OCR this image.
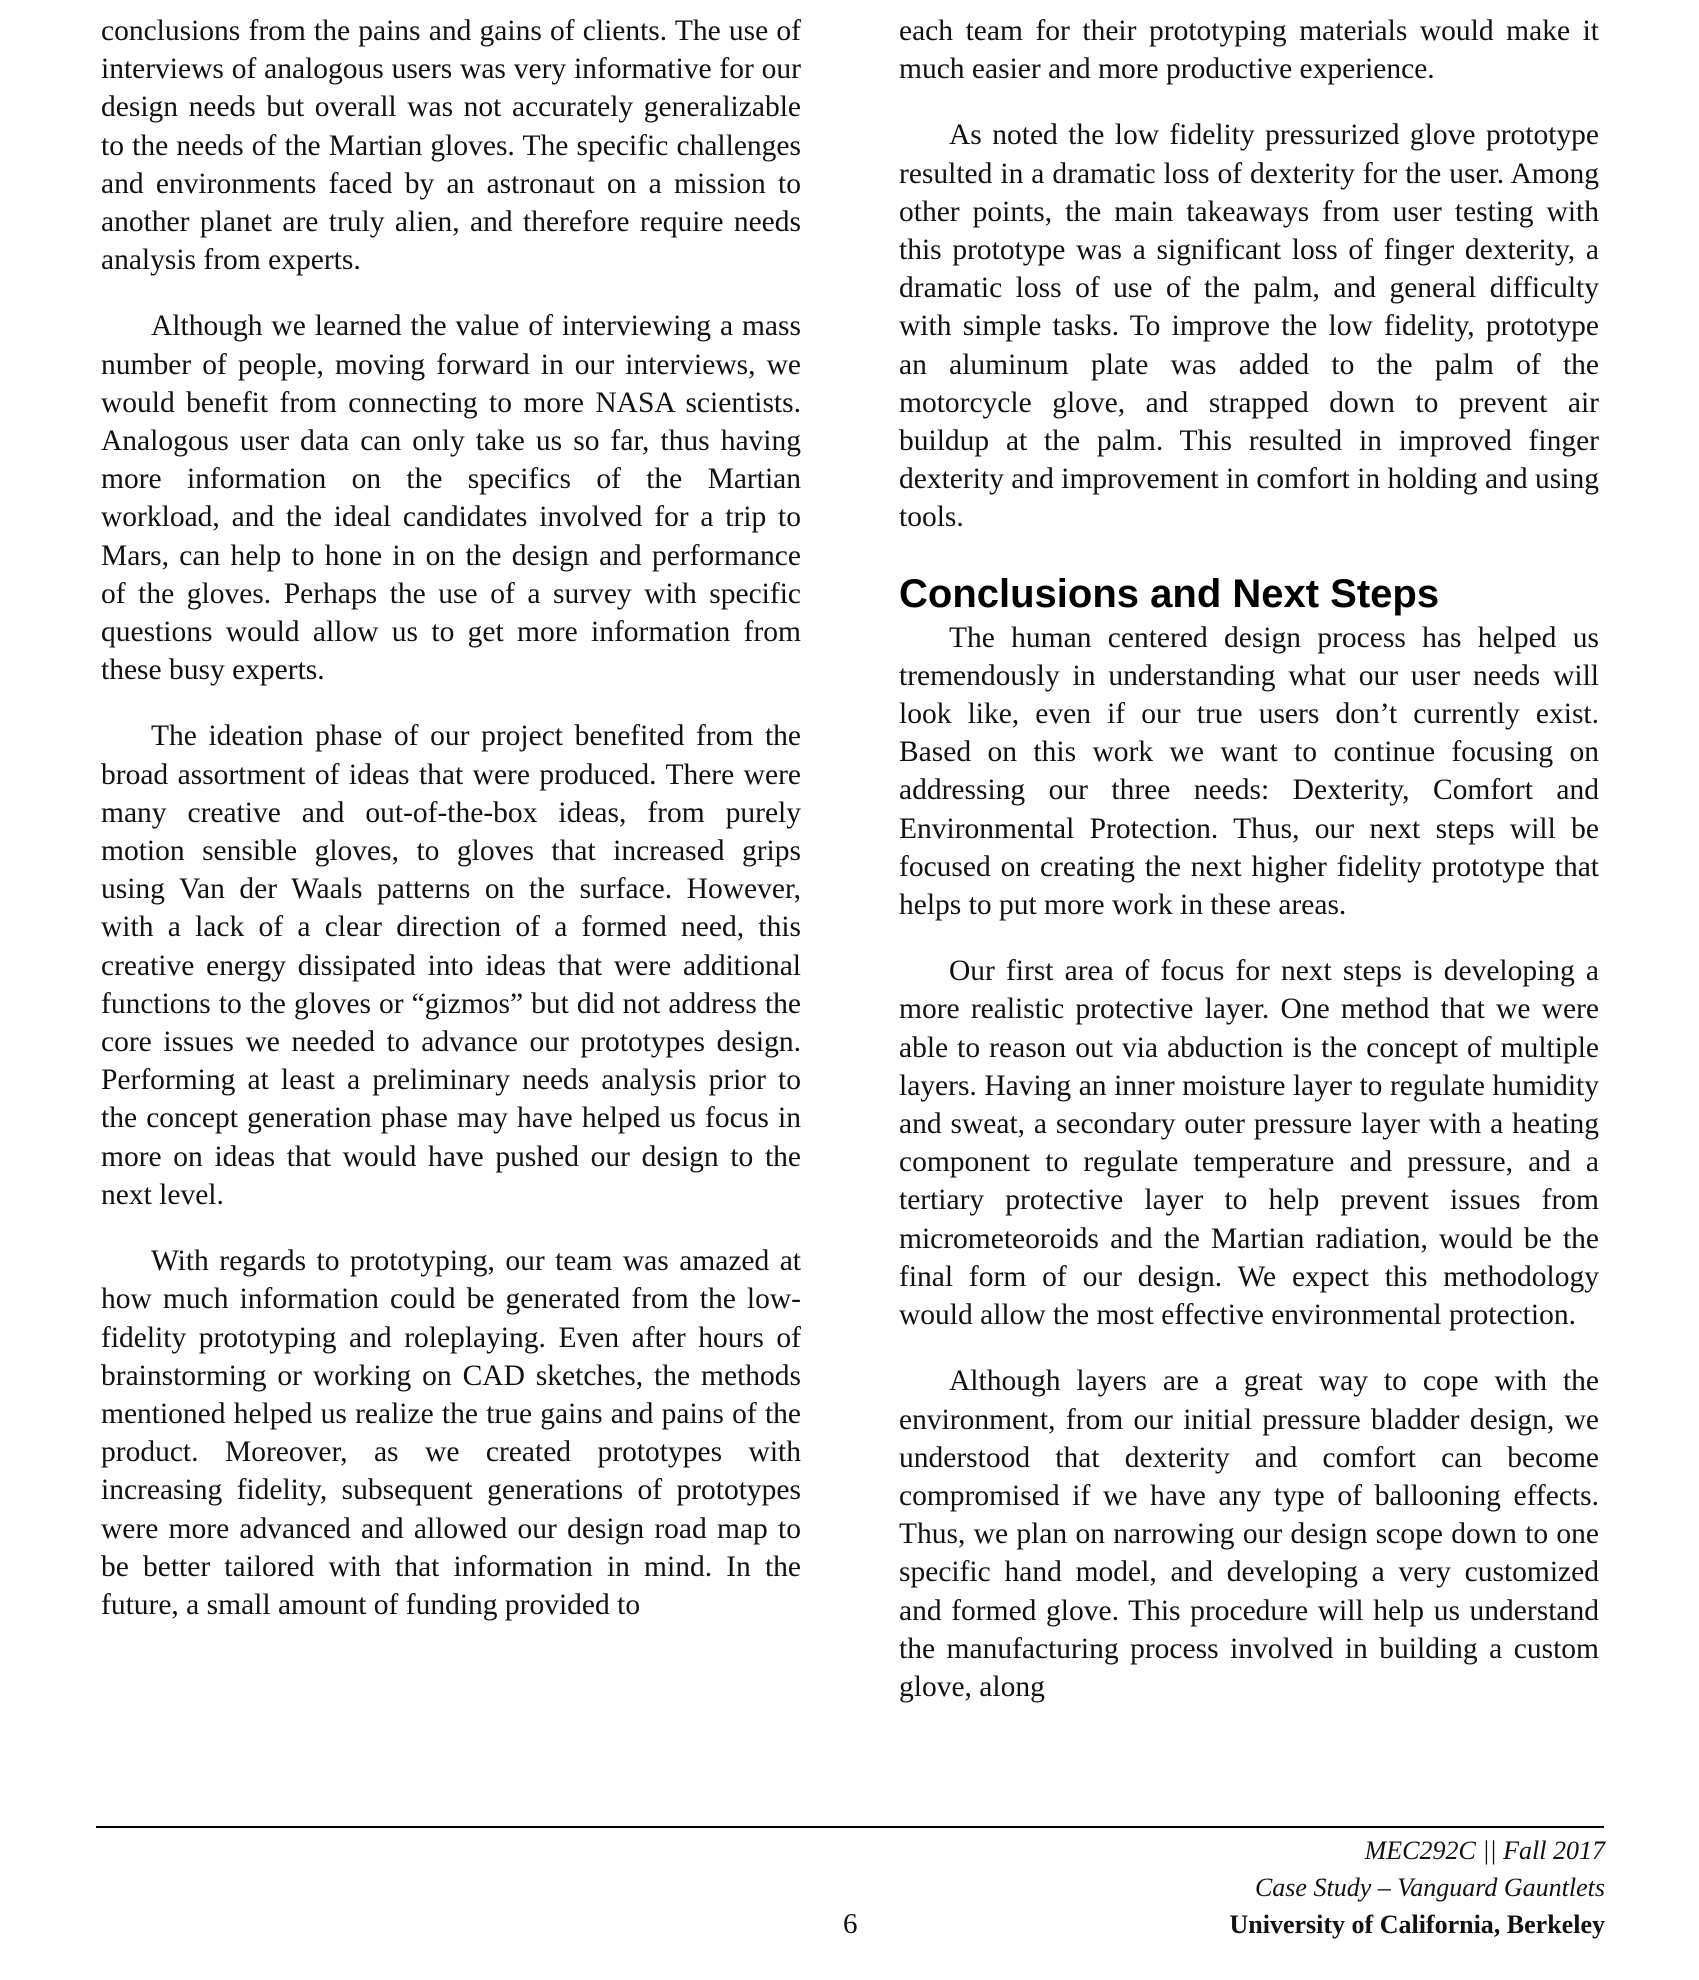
conclusions from the pains and gains of clients. The use of interviews of analogous users was very informative for our design needs but overall was not accurately generalizable to the needs of the Martian gloves. The specific challenges and environments faced by an astronaut on a mission to another planet are truly alien, and therefore require needs analysis from experts.

Although we learned the value of interviewing a mass number of people, moving forward in our interviews, we would benefit from connecting to more NASA scientists. Analogous user data can only take us so far, thus having more information on the specifics of the Martian workload, and the ideal candidates involved for a trip to Mars, can help to hone in on the design and performance of the gloves. Perhaps the use of a survey with specific questions would allow us to get more information from these busy experts.

The ideation phase of our project benefited from the broad assortment of ideas that were produced. There were many creative and out-of-the-box ideas, from purely motion sensible gloves, to gloves that increased grips using Van der Waals patterns on the surface. However, with a lack of a clear direction of a formed need, this creative energy dissipated into ideas that were additional functions to the gloves or “gizmos” but did not address the core issues we needed to advance our prototypes design. Performing at least a preliminary needs analysis prior to the concept generation phase may have helped us focus in more on ideas that would have pushed our design to the next level.

With regards to prototyping, our team was amazed at how much information could be generated from the low-fidelity prototyping and roleplaying. Even after hours of brainstorming or working on CAD sketches, the methods mentioned helped us realize the true gains and pains of the product. Moreover, as we created prototypes with increasing fidelity, subsequent generations of prototypes were more advanced and allowed our design road map to be better tailored with that information in mind. In the future, a small amount of funding provided to

each team for their prototyping materials would make it much easier and more productive experience.

As noted the low fidelity pressurized glove prototype resulted in a dramatic loss of dexterity for the user. Among other points, the main takeaways from user testing with this prototype was a significant loss of finger dexterity, a dramatic loss of use of the palm, and general difficulty with simple tasks. To improve the low fidelity, prototype an aluminum plate was added to the palm of the motorcycle glove, and strapped down to prevent air buildup at the palm. This resulted in improved finger dexterity and improvement in comfort in holding and using tools.

Conclusions and Next Steps

The human centered design process has helped us tremendously in understanding what our user needs will look like, even if our true users don’t currently exist. Based on this work we want to continue focusing on addressing our three needs: Dexterity, Comfort and Environmental Protection. Thus, our next steps will be focused on creating the next higher fidelity prototype that helps to put more work in these areas.

Our first area of focus for next steps is developing a more realistic protective layer. One method that we were able to reason out via abduction is the concept of multiple layers. Having an inner moisture layer to regulate humidity and sweat, a secondary outer pressure layer with a heating component to regulate temperature and pressure, and a tertiary protective layer to help prevent issues from micrometeoroids and the Martian radiation, would be the final form of our design. We expect this methodology would allow the most effective environmental protection.

Although layers are a great way to cope with the environment, from our initial pressure bladder design, we understood that dexterity and comfort can become compromised if we have any type of ballooning effects. Thus, we plan on narrowing our design scope down to one specific hand model, and developing a very customized and formed glove. This procedure will help us understand the manufacturing process involved in building a custom glove, along

MEC292C || Fall 2017
Case Study – Vanguard Gauntlets
University of California, Berkeley
6
